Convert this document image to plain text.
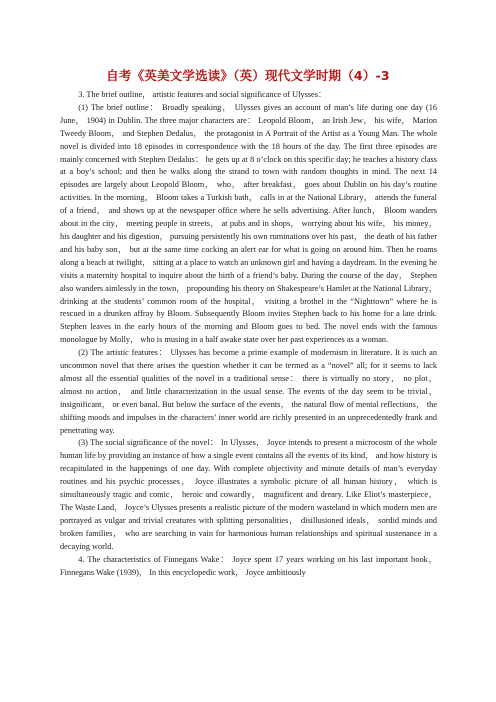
自考《英美文学选读》（英）现代文学时期（4）-3

3. The brief outline， artistic features and social significance of Ulysses：

(1) The brief outline： Broadly speaking， Ulysses gives an account of man’s life during one day (16 June， 1904) in Dublin. The three major characters are： Leopold Bloom， an Irish Jew， his wife， Marion Tweedy Bloom， and Stephen Dedalus， the protagonist in A Portrait of the Artist as a Young Man. The whole novel is divided into 18 episodes in correspondence with the 18 hours of the day. The first three episodes are mainly concerned with Stephen Dedalus： he gets up at 8 o’clock on this specific day; he teaches a history class at a boy’s school; and then he walks along the strand to town with random thoughts in mind. The next 14 episodes are largely about Leopold Bloom， who， after breakfast， goes about Dublin on his day’s routine activities. In the morning， Bloom takes a Turkish bath， calls in at the National Library， attends the funeral of a friend， and shows up at the newspaper office where he sells advertising. After lunch， Bloom wanders about in the city， meeting people in streets， at pubs and in shops， worrying about his wife， his money， his daughter and his digestion， pursuing persistently his own ruminations over his past， the death of his father and his baby son， but at the same time cocking an alert ear for what is going on around him. Then he roams along a beach at twilight， sitting at a place to watch an unknown girl and having a daydream. In the evening he visits a maternity hospital to inquire about the birth of a friend’s baby. During the course of the day， Stephen also wanders aimlessly in the town， propounding his theory on Shakespeare’s Hamlet at the National Library， drinking at the students’ common room of the hospital， visiting a brothel in the “Nighttown” where he is rescued in a drunken affray by Bloom. Subsequently Bloom invites Stephen back to his home for a late drink. Stephen leaves in the early hours of the morning and Bloom goes to bed. The novel ends with the famous monologue by Molly， who is musing in a half awake state over her past experiences as a woman.

(2) The artistic features： Ulysses has become a prime example of modernism in literature. It is such an uncommon novel that there arises the question whether it can be termed as a “novel” all; for it seems to lack almost all the essential qualities of the novel in a traditional sense： there is virtually no story， no plot， almost no action， and little characterization in the usual sense. The events of the day seem to be trivial， insignificant， or even banal. But below the surface of the events， the natural flow of mental reflections， the shifting moods and impulses in the characters’ inner world are richly presented in an unprecedentedly frank and penetrating way.

(3) The social significance of the novel： In Ulysses， Joyce intends to present a microcosm of the whole human life by providing an instance of how a single event contains all the events of its kind， and how history is recapitulated in the happenings of one day. With complete objectivity and minute details of man’s everyday routines and his psychic processes， Joyce illustrates a symbolic picture of all human history， which is simultaneously tragic and comic， heroic and cowardly， magnificent and dreary. Like Eliot’s masterpiece， The Waste Land， Joyce’s Ulysses presents a realistic picture of the modern wasteland in which modern men are portrayed as vulgar and trivial creatures with splitting personalities， disillusioned ideals， sordid minds and broken families， who are searching in vain for harmonious human relationships and spiritual sustenance in a decaying world.

4. The characteristics of Finnegans Wake： Joyce spent 17 years working on his last important book， Finnegans Wake (1939)， In this encyclopedic work， Joyce ambitiously
